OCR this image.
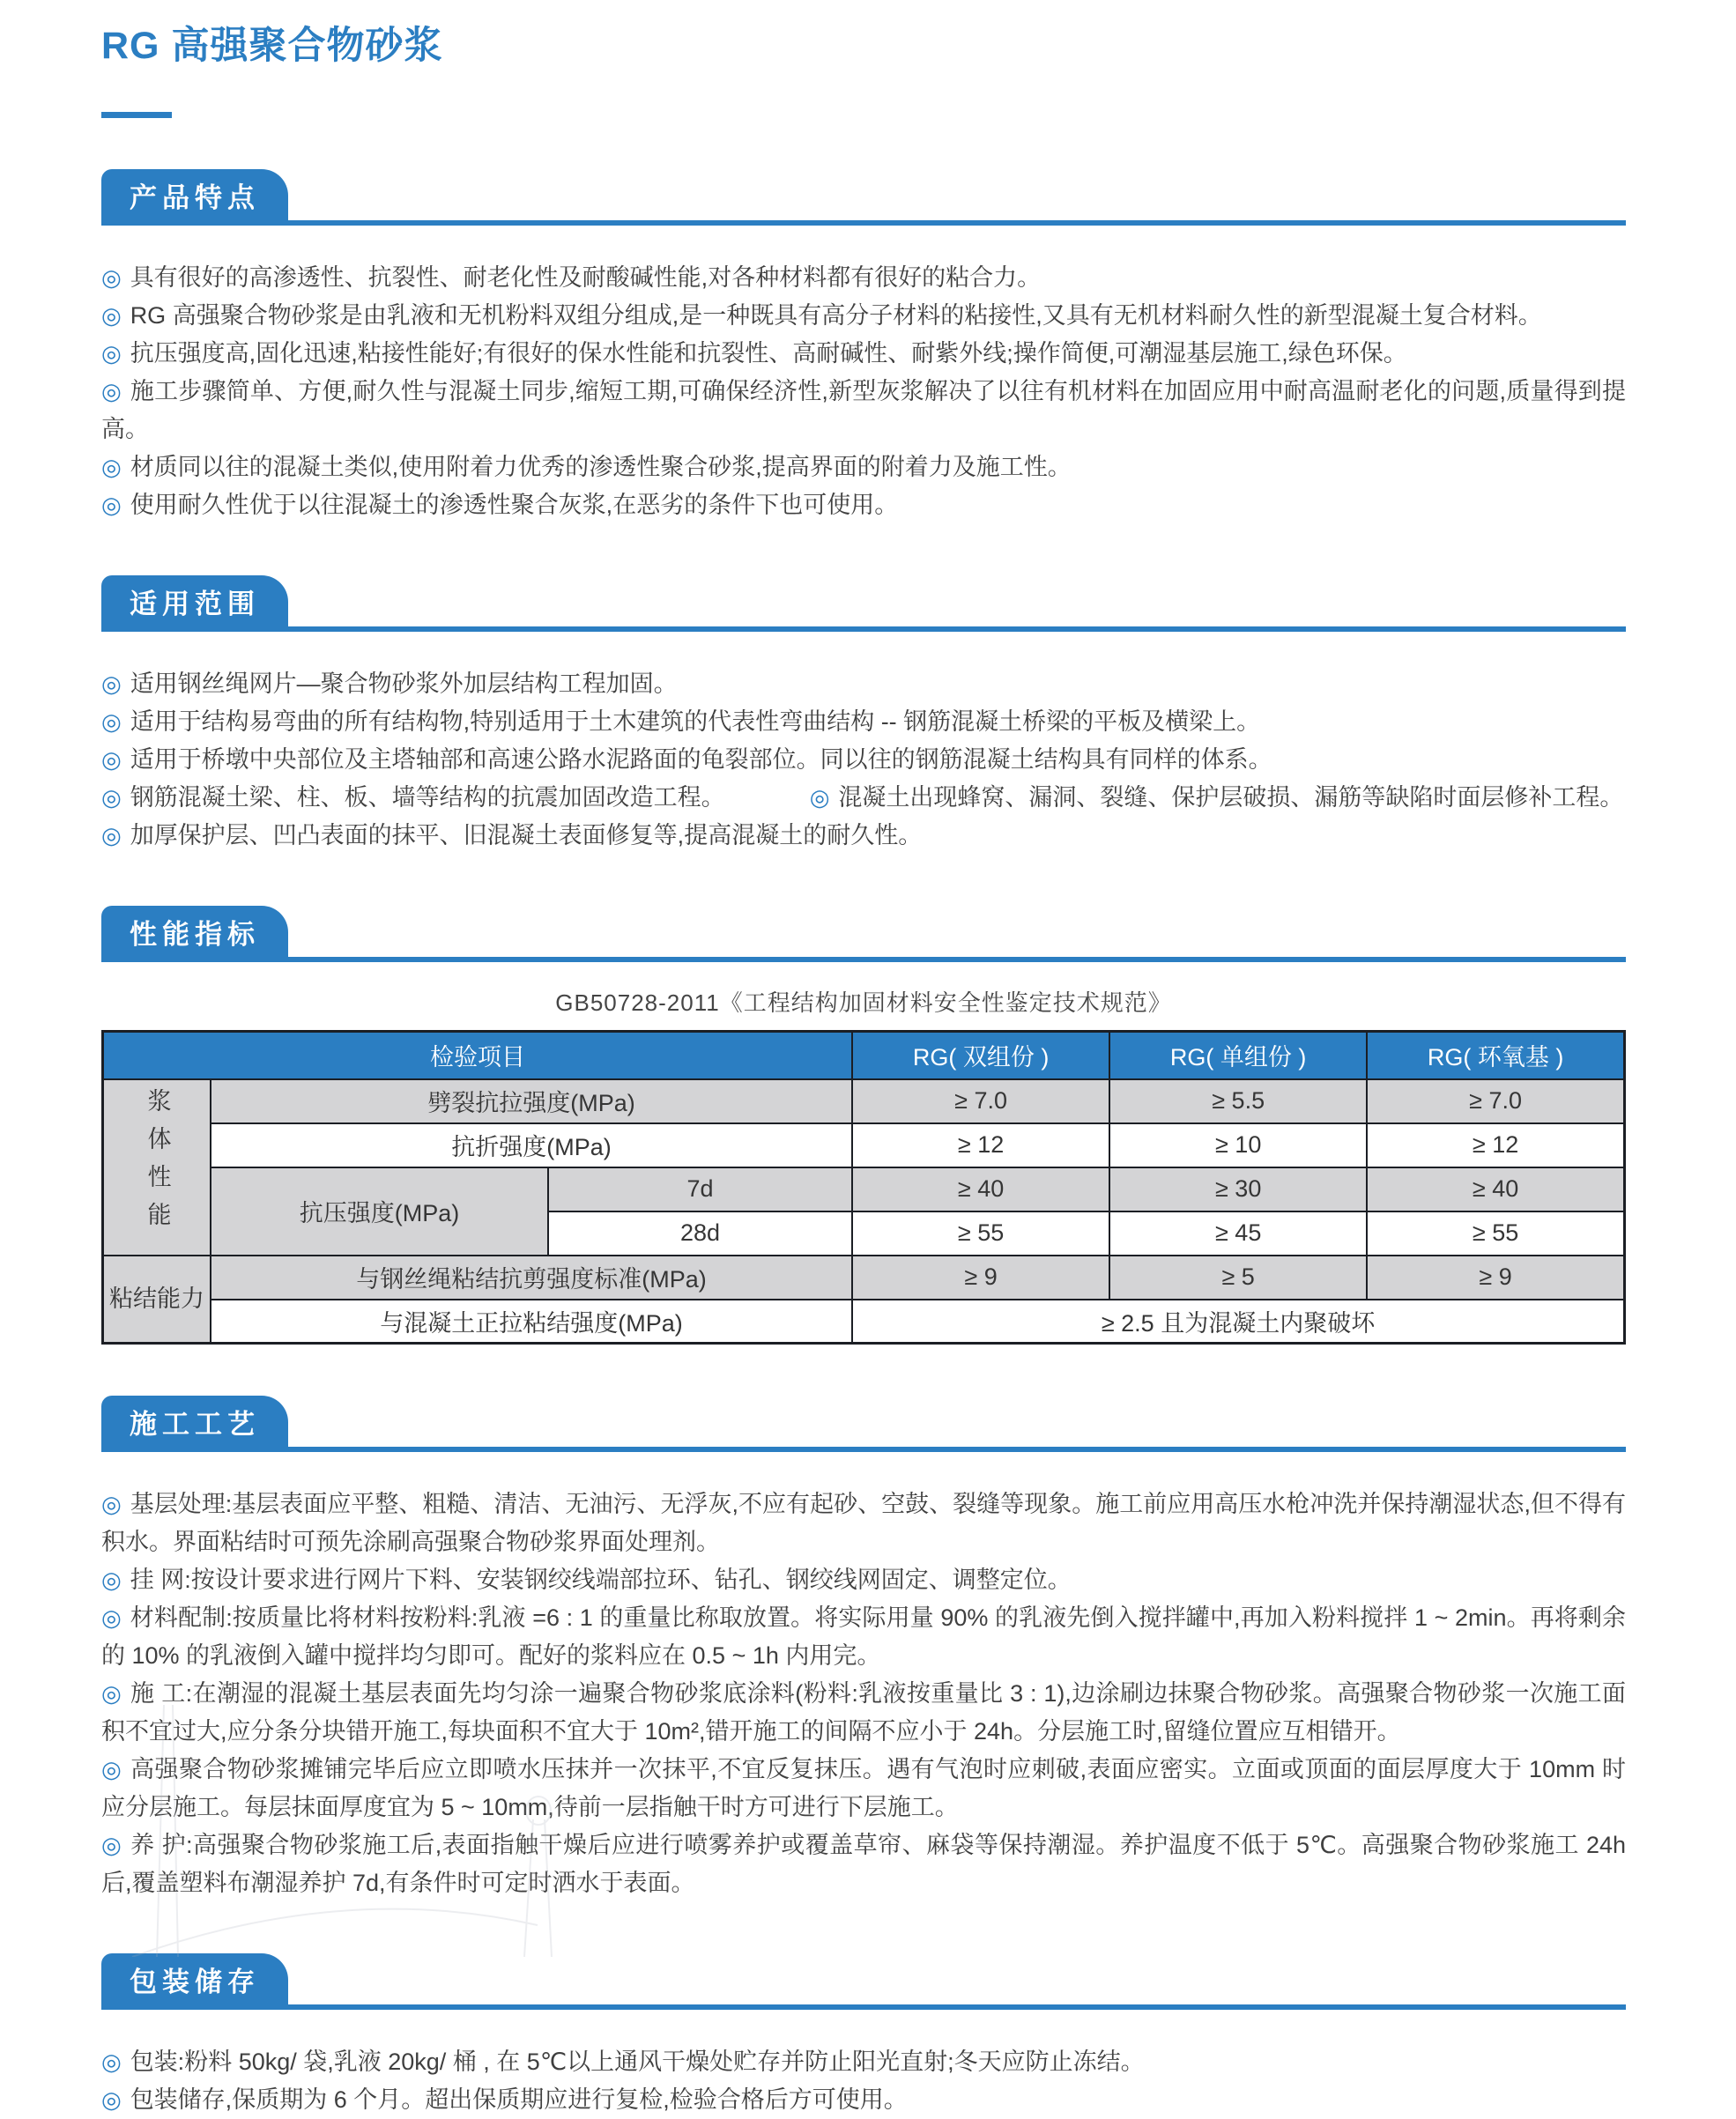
RG 高强聚合物砂浆
产品特点

◎ 具有很好的高渗透性、抗裂性、耐老化性及耐酸碱性能,对各种材料都有很好的粘合力。

◎ RG 高强聚合物砂浆是由乳液和无机粉料双组分组成,是一种既具有高分子材料的粘接性,又具有无机材料耐久性的新型混凝土复合材料。

◎ 抗压强度高,固化迅速,粘接性能好;有很好的保水性能和抗裂性、高耐碱性、耐紫外线;操作简便,可潮湿基层施工,绿色环保。

◎ 施工步骤简单、方便,耐久性与混凝土同步,缩短工期,可确保经济性,新型灰浆解决了以往有机材料在加固应用中耐高温耐老化的问题,质量得到提高。

◎ 材质同以往的混凝土类似,使用附着力优秀的渗透性聚合砂浆,提高界面的附着力及施工性。

◎ 使用耐久性优于以往混凝土的渗透性聚合灰浆,在恶劣的条件下也可使用。

适用范围

◎ 适用钢丝绳网片—聚合物砂浆外加层结构工程加固。

◎ 适用于结构易弯曲的所有结构物,特别适用于土木建筑的代表性弯曲结构 -- 钢筋混凝土桥梁的平板及横梁上。

◎ 适用于桥墩中央部位及主塔轴部和高速公路水泥路面的龟裂部位。同以往的钢筋混凝土结构具有同样的体系。

◎ 钢筋混凝土梁、柱、板、墙等结构的抗震加固改造工程。	◎ 混凝土出现蜂窝、漏洞、裂缝、保护层破损、漏筋等缺陷时面层修补工程。

◎ 加厚保护层、凹凸表面的抹平、旧混凝土表面修复等,提高混凝土的耐久性。

性能指标
GB50728-2011《工程结构加固材料安全性鉴定技术规范》
检验项目			RG( 双组份 )	RG( 单组份 )	RG( 环氧基 )
浆体性能	劈裂抗拉强度(MPa)		≥ 7.0	≥ 5.5	≥ 7.0
	抗折强度(MPa)		≥ 12	≥ 10	≥ 12
	抗压强度(MPa)	7d	≥ 40	≥ 30	≥ 40
		28d	≥ 55	≥ 45	≥ 55
粘结能力	与钢丝绳粘结抗剪强度标准(MPa)		≥ 9	≥ 5	≥ 9
	与混凝土正拉粘结强度(MPa)		≥ 2.5 且为混凝土内聚破坏		
施工工艺

◎ 基层处理:基层表面应平整、粗糙、清洁、无油污、无浮灰,不应有起砂、空鼓、裂缝等现象。施工前应用高压水枪冲洗并保持潮湿状态,但不得有积水。界面粘结时可预先涂刷高强聚合物砂浆界面处理剂。

◎ 挂 网:按设计要求进行网片下料、安装钢绞线端部拉环、钻孔、钢绞线网固定、调整定位。

◎ 材料配制:按质量比将材料按粉料:乳液 =6 : 1 的重量比称取放置。将实际用量 90% 的乳液先倒入搅拌罐中,再加入粉料搅拌 1 ~ 2min。再将剩余的 10% 的乳液倒入罐中搅拌均匀即可。配好的浆料应在 0.5 ~ 1h 内用完。

◎ 施 工:在潮湿的混凝土基层表面先均匀涂一遍聚合物砂浆底涂料(粉料:乳液按重量比 3 : 1),边涂刷边抹聚合物砂浆。高强聚合物砂浆一次施工面积不宜过大,应分条分块错开施工,每块面积不宜大于 10m²,错开施工的间隔不应小于 24h。分层施工时,留缝位置应互相错开。

◎ 高强聚合物砂浆摊铺完毕后应立即喷水压抹并一次抹平,不宜反复抹压。遇有气泡时应刺破,表面应密实。立面或顶面的面层厚度大于 10mm 时应分层施工。每层抹面厚度宜为 5 ~ 10mm,待前一层指触干时方可进行下层施工。

◎ 养 护:高强聚合物砂浆施工后,表面指触干燥后应进行喷雾养护或覆盖草帘、麻袋等保持潮湿。养护温度不低于 5℃。高强聚合物砂浆施工 24h 后,覆盖塑料布潮湿养护 7d,有条件时可定时洒水于表面。

包装储存

◎ 包装:粉料 50kg/ 袋,乳液 20kg/ 桶 , 在 5℃以上通风干燥处贮存并防止阳光直射;冬天应防止冻结。

◎ 包装储存,保质期为 6 个月。超出保质期应进行复检,检验合格后方可使用。
